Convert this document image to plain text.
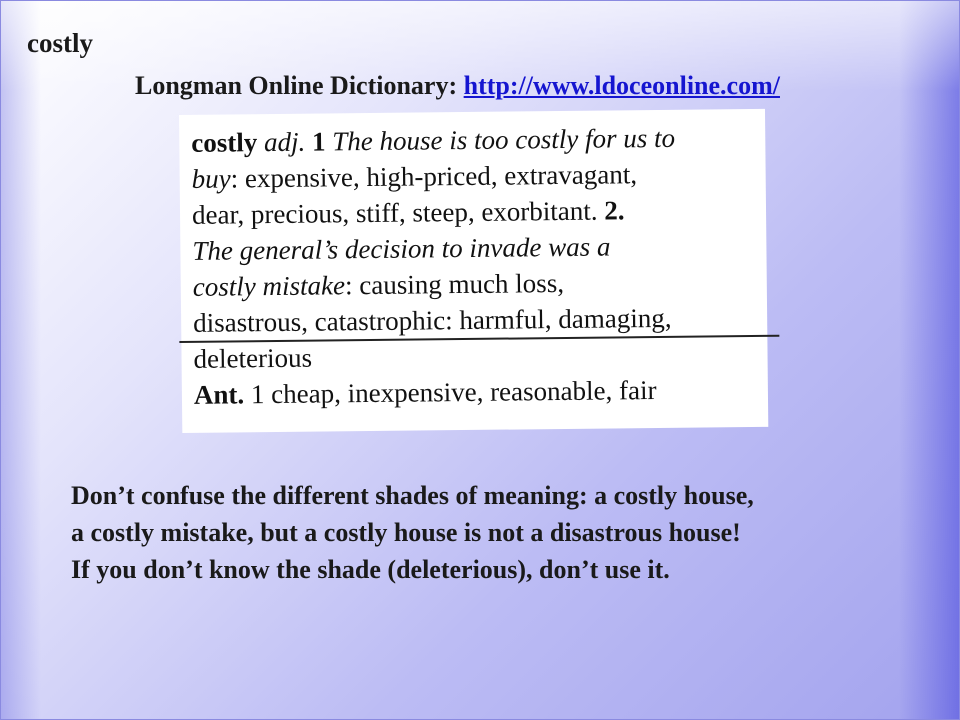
costly
Longman Online Dictionary: http://www.ldoceonline.com/
costly adj. 1 The house is too costly for us to
buy: expensive, high-priced, extravagant,
dear, precious, stiff, steep, exorbitant. 2.
The general’s decision to invade was a
costly mistake: causing much loss,
disastrous, catastrophic: harmful, damaging,
deleterious
Ant. 1 cheap, inexpensive, reasonable, fair
Don’t confuse the different shades of meaning: a costly house,
a costly mistake, but a costly house is not a disastrous house!
If you don’t know the shade (deleterious), don’t use it.
